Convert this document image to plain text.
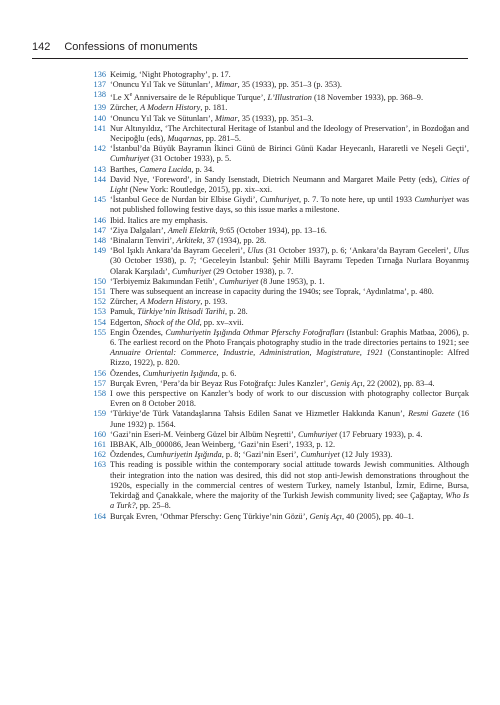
142 Confessions of monuments
136 Keimig, ‘Night Photography’, p. 17.
137 ‘Onuncu Yıl Tak ve Sütunları’, Mimar, 35 (1933), pp. 351–3 (p. 353).
138 ‘Le Xe Anniversaire de le République Turque’, L’Illustration (18 November 1933), pp. 368–9.
139 Zürcher, A Modern History, p. 181.
140 ‘Onuncu Yıl Tak ve Sütunları’, Mimar, 35 (1933), pp. 351–3.
141 Nur Altınyıldız, ‘The Architectural Heritage of Istanbul and the Ideology of Preservation’, in Bozdoğan and Necipoğlu (eds), Muqarnas, pp. 281–5.
142 ‘İstanbul’da Büyük Bayramın İkinci Günü de Birinci Günü Kadar Heyecanlı, Hararetli ve Neşeli Geçti’, Cumhuriyet (31 October 1933), p. 5.
143 Barthes, Camera Lucida, p. 34.
144 David Nye, ‘Foreword’, in Sandy Isenstadt, Dietrich Neumann and Margaret Maile Petty (eds), Cities of Light (New York: Routledge, 2015), pp. xix–xxi.
145 ‘İstanbul Gece de Nurdan bir Elbise Giydi’, Cumhuriyet, p. 7. To note here, up until 1933 Cumhuriyet was not published following festive days, so this issue marks a milestone.
146 Ibid. Italics are my emphasis.
147 ‘Ziya Dalgaları’, Ameli Elektrik, 9:65 (October 1934), pp. 13–16.
148 ‘Binaların Tenviri’, Arkitekt, 37 (1934), pp. 28.
149 ‘Bol Işıklı Ankara’da Bayram Geceleri’, Ulus (31 October 1937), p. 6; ‘Ankara’da Bayram Geceleri’, Ulus (30 October 1938), p. 7; ‘Geceleyin İstanbul: Şehir Milli Bayramı Tepeden Tırnağa Nurlara Boyanmış Olarak Karşıladı’, Cumhuriyet (29 October 1938), p. 7.
150 ‘Terbiyemiz Bakımından Fetih’, Cumhuriyet (8 June 1953), p. 1.
151 There was subsequent an increase in capacity during the 1940s; see Toprak, ‘Aydınlatma’, p. 480.
152 Zürcher, A Modern History, p. 193.
153 Pamuk, Türkiye’nin İktisadi Tarihi, p. 28.
154 Edgerton, Shock of the Old, pp. xv–xvii.
155 Engin Özendes, Cumhuriyetin Işığında Othmar Pferschy Fotoğrafları (Istanbul: Graphis Matbaa, 2006), p. 6. The earliest record on the Photo Français photography studio in the trade directories pertains to 1921; see Annuaire Oriental: Commerce, Industrie, Administration, Magistrature, 1921 (Constantinople: Alfred Rizzo, 1922), p. 820.
156 Özendes, Cumhuriyetin Işığında, p. 6.
157 Burçak Evren, ‘Pera’da bir Beyaz Rus Fotoğrafçı: Jules Kanzler’, Geniş Açı, 22 (2002), pp. 83–4.
158 I owe this perspective on Kanzler’s body of work to our discussion with photography collector Burçak Evren on 8 October 2018.
159 ‘Türkiye’de Türk Vatandaşlarına Tahsis Edilen Sanat ve Hizmetler Hakkında Kanun’, Resmi Gazete (16 June 1932) p. 1564.
160 ‘Gazi’nin Eseri-M. Veinberg Güzel bir Albüm Neşretti’, Cumhuriyet (17 February 1933), p. 4.
161 IBBAK, Alb_000086, Jean Weinberg, ‘Gazi’nin Eseri’, 1933, p. 12.
162 Özdendes, Cumhuriyetin Işığında, p. 8; ‘Gazi’nin Eseri’, Cumhuriyet (12 July 1933).
163 This reading is possible within the contemporary social attitude towards Jewish communities. Although their integration into the nation was desired, this did not stop anti-Jewish demonstrations throughout the 1920s, especially in the commercial centres of western Turkey, namely Istanbul, İzmir, Edirne, Bursa, Tekirdağ and Çanakkale, where the majority of the Turkish Jewish community lived; see Çağaptay, Who Is a Turk?, pp. 25–8.
164 Burçak Evren, ‘Othmar Pferschy: Genç Türkiye’nin Gözü’, Geniş Açı, 40 (2005), pp. 40–1.
